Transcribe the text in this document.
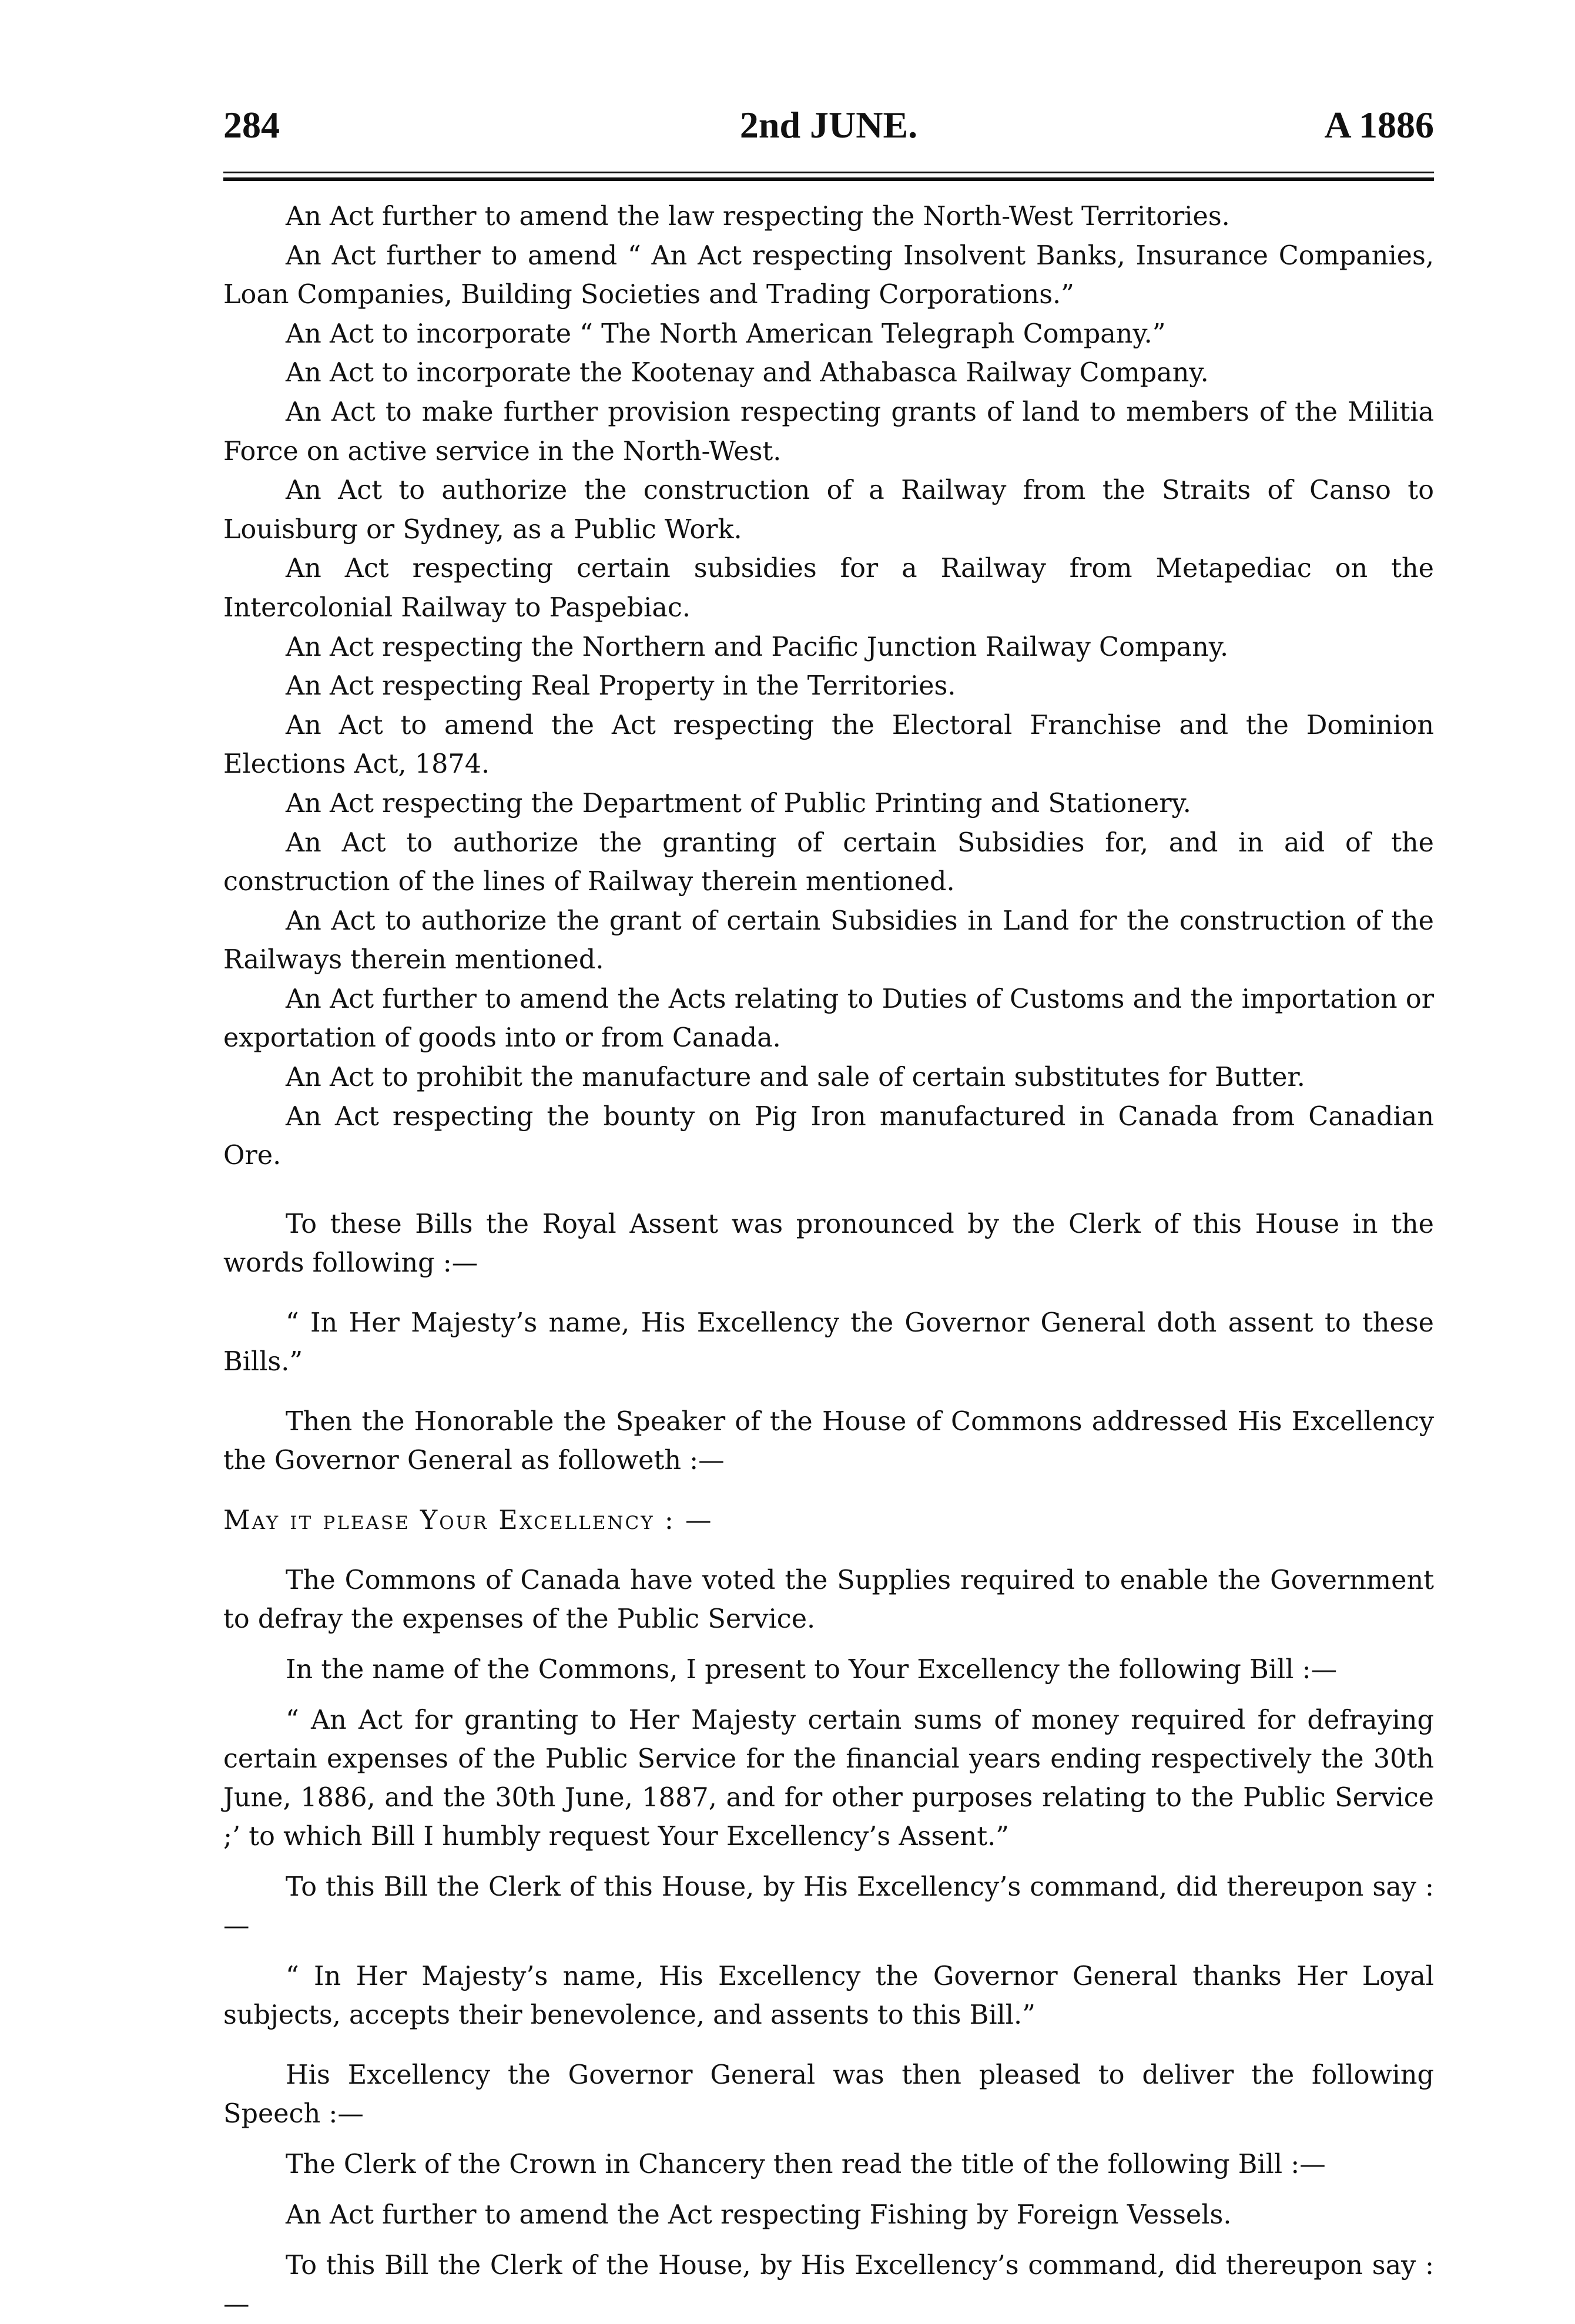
284	2nd JUNE.	A 1886

An Act further to amend the law respecting the North-West Territories.

An Act further to amend “ An Act respecting Insolvent Banks, Insurance Companies, Loan Companies, Building Societies and Trading Corporations.”

An Act to incorporate “ The North American Telegraph Company.”

An Act to incorporate the Kootenay and Athabasca Railway Company.

An Act to make further provision respecting grants of land to members of the Militia Force on active service in the North-West.

An Act to authorize the construction of a Railway from the Straits of Canso to Louisburg or Sydney, as a Public Work.

An Act respecting certain subsidies for a Railway from Metapediac on the Intercolonial Railway to Paspebiac.

An Act respecting the Northern and Pacific Junction Railway Company.

An Act respecting Real Property in the Territories.

An Act to amend the Act respecting the Electoral Franchise and the Dominion Elections Act, 1874.

An Act respecting the Department of Public Printing and Stationery.

An Act to authorize the granting of certain Subsidies for, and in aid of the construction of the lines of Railway therein mentioned.

An Act to authorize the grant of certain Subsidies in Land for the construction of the Railways therein mentioned.

An Act further to amend the Acts relating to Duties of Customs and the importation or exportation of goods into or from Canada.

An Act to prohibit the manufacture and sale of certain substitutes for Butter.

An Act respecting the bounty on Pig Iron manufactured in Canada from Canadian Ore.

To these Bills the Royal Assent was pronounced by the Clerk of this House in the words following :—

“ In Her Majesty’s name, His Excellency the Governor General doth assent to these Bills.”

Then the Honorable the Speaker of the House of Commons addressed His Excellency the Governor General as followeth :—

May it please Your Excellency : —

The Commons of Canada have voted the Supplies required to enable the Government to defray the expenses of the Public Service.

In the name of the Commons, I present to Your Excellency the following Bill :—

“ An Act for granting to Her Majesty certain sums of money required for defraying certain expenses of the Public Service for the financial years ending respectively the 30th June, 1886, and the 30th June, 1887, and for other purposes relating to the Public Service ;’ to which Bill I humbly request Your Excellency’s Assent.”

To this Bill the Clerk of this House, by His Excellency’s command, did thereupon say :—

“ In Her Majesty’s name, His Excellency the Governor General thanks Her Loyal subjects, accepts their benevolence, and assents to this Bill.”

His Excellency the Governor General was then pleased to deliver the following Speech :—

The Clerk of the Crown in Chancery then read the title of the following Bill :—

An Act further to amend the Act respecting Fishing by Foreign Vessels.

To this Bill the Clerk of the House, by His Excellency’s command, did thereupon say :—
